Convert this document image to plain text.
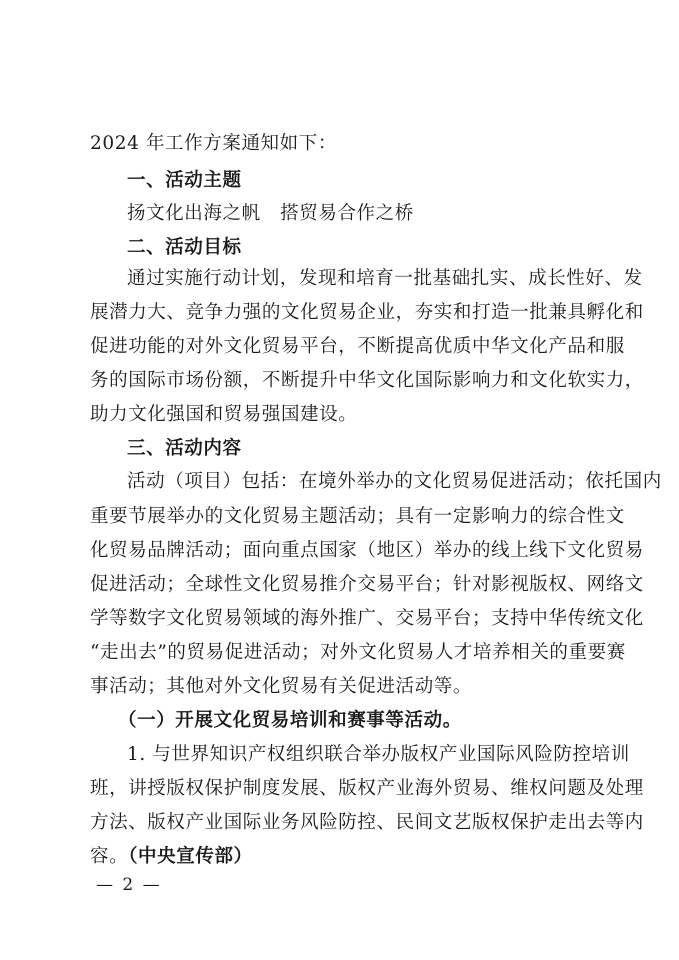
2024 年工作方案通知如下：
一、活动主题
扬文化出海之帆   搭贸易合作之桥
二、活动目标
通过实施行动计划，发现和培育一批基础扎实、成长性好、发
展潜力大、竞争力强的文化贸易企业，夯实和打造一批兼具孵化和
促进功能的对外文化贸易平台，不断提高优质中华文化产品和服
务的国际市场份额，不断提升中华文化国际影响力和文化软实力，
助力文化强国和贸易强国建设。
三、活动内容
活动（项目）包括：在境外举办的文化贸易促进活动；依托国内
重要节展举办的文化贸易主题活动；具有一定影响力的综合性文
化贸易品牌活动；面向重点国家（地区）举办的线上线下文化贸易
促进活动；全球性文化贸易推介交易平台；针对影视版权、网络文
学等数字文化贸易领域的海外推广、交易平台；支持中华传统文化
“走出去”的贸易促进活动；对外文化贸易人才培养相关的重要赛
事活动；其他对外文化贸易有关促进活动等。
（一）开展文化贸易培训和赛事等活动。
1. 与世界知识产权组织联合举办版权产业国际风险防控培训
班，讲授版权保护制度发展、版权产业海外贸易、维权问题及处理
方法、版权产业国际业务风险防控、民间文艺版权保护走出去等内
容。（中央宣传部）
— 2 —
